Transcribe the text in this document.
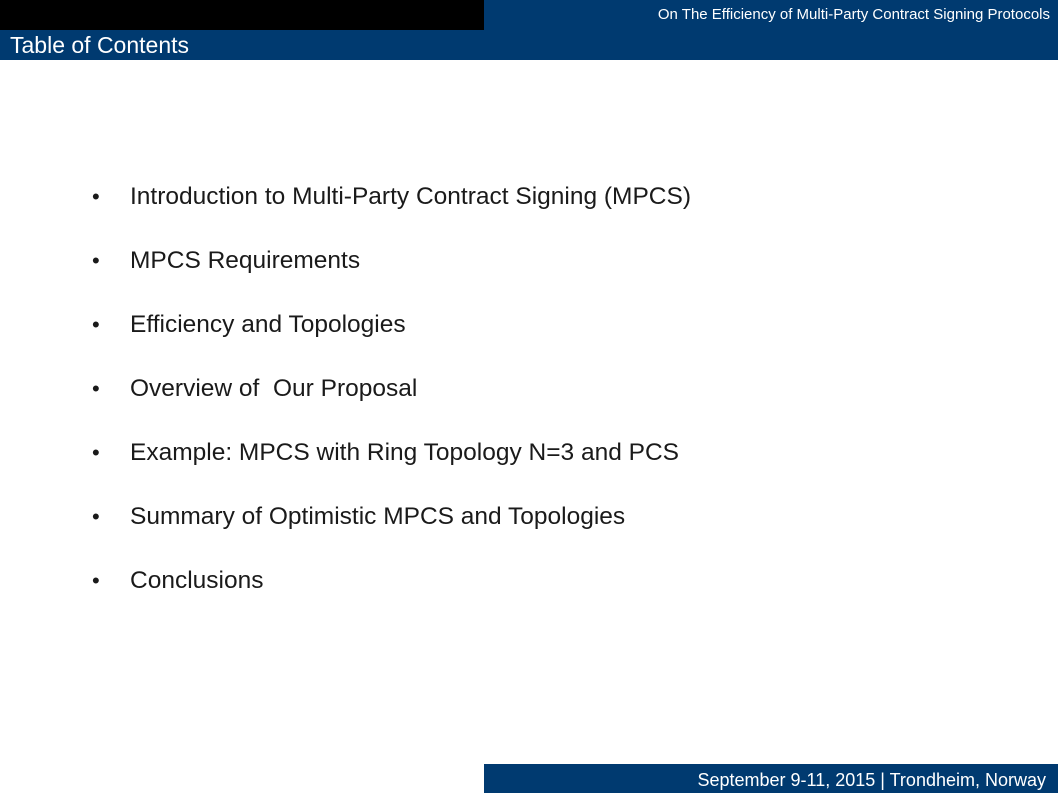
On The Efficiency of Multi-Party Contract Signing Protocols
Table of Contents
• Introduction to Multi-Party Contract Signing (MPCS)
• MPCS Requirements
• Efficiency and Topologies
• Overview of  Our Proposal
• Example: MPCS with Ring Topology N=3 and PCS
• Summary of Optimistic MPCS and Topologies
• Conclusions
September 9-11, 2015 | Trondheim, Norway
